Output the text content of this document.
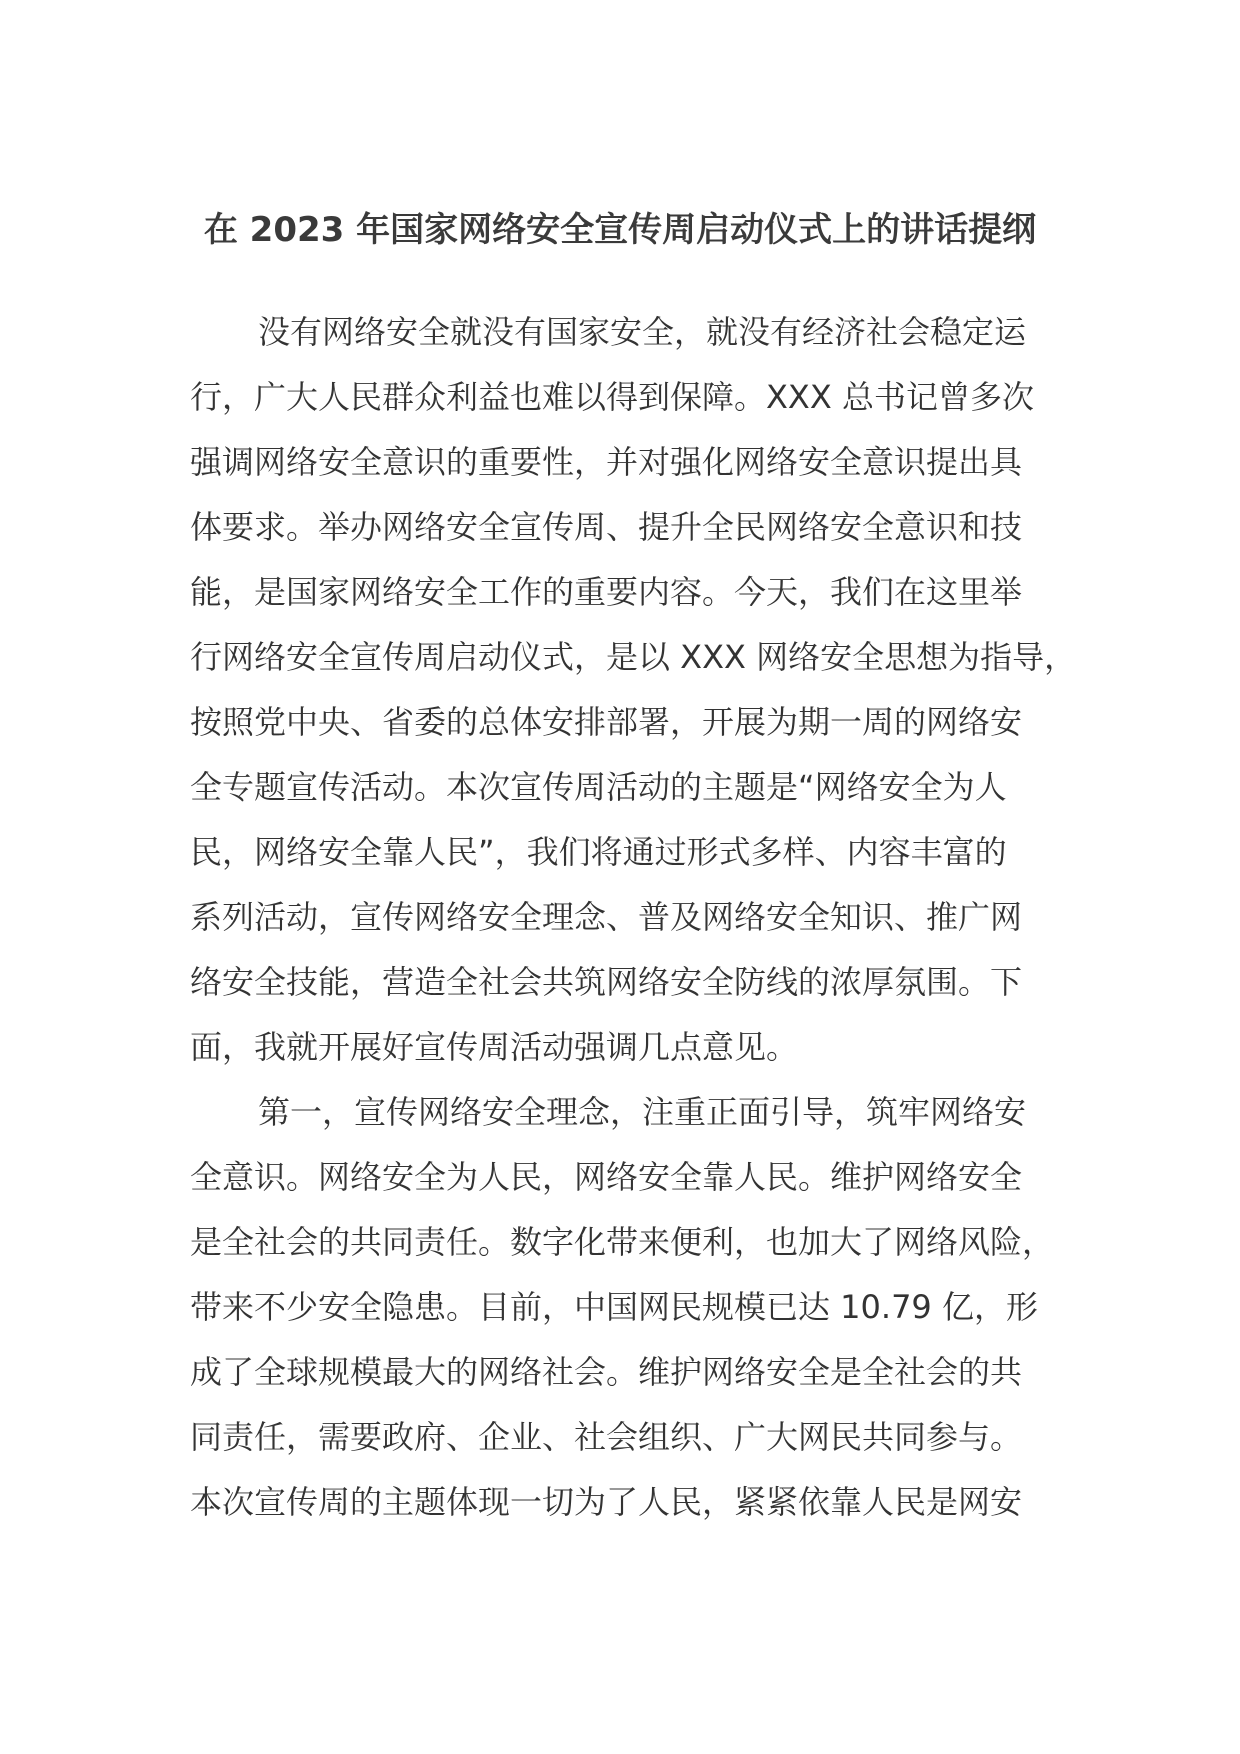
在 2023 年国家网络安全宣传周启动仪式上的讲话提纲
没有网络安全就没有国家安全，就没有经济社会稳定运
行，广大人民群众利益也难以得到保障。XXX 总书记曾多次
强调网络安全意识的重要性，并对强化网络安全意识提出具
体要求。举办网络安全宣传周、提升全民网络安全意识和技
能，是国家网络安全工作的重要内容。今天，我们在这里举
行网络安全宣传周启动仪式，是以 XXX 网络安全思想为指导，
按照党中央、省委的总体安排部署，开展为期一周的网络安
全专题宣传活动。本次宣传周活动的主题是“网络安全为人
民，网络安全靠人民”，我们将通过形式多样、内容丰富的
系列活动，宣传网络安全理念、普及网络安全知识、推广网
络安全技能，营造全社会共筑网络安全防线的浓厚氛围。下
面，我就开展好宣传周活动强调几点意见。
第一，宣传网络安全理念，注重正面引导，筑牢网络安
全意识。网络安全为人民，网络安全靠人民。维护网络安全
是全社会的共同责任。数字化带来便利，也加大了网络风险，
带来不少安全隐患。目前，中国网民规模已达 10.79 亿，形
成了全球规模最大的网络社会。维护网络安全是全社会的共
同责任，需要政府、企业、社会组织、广大网民共同参与。
本次宣传周的主题体现一切为了人民，紧紧依靠人民是网安
